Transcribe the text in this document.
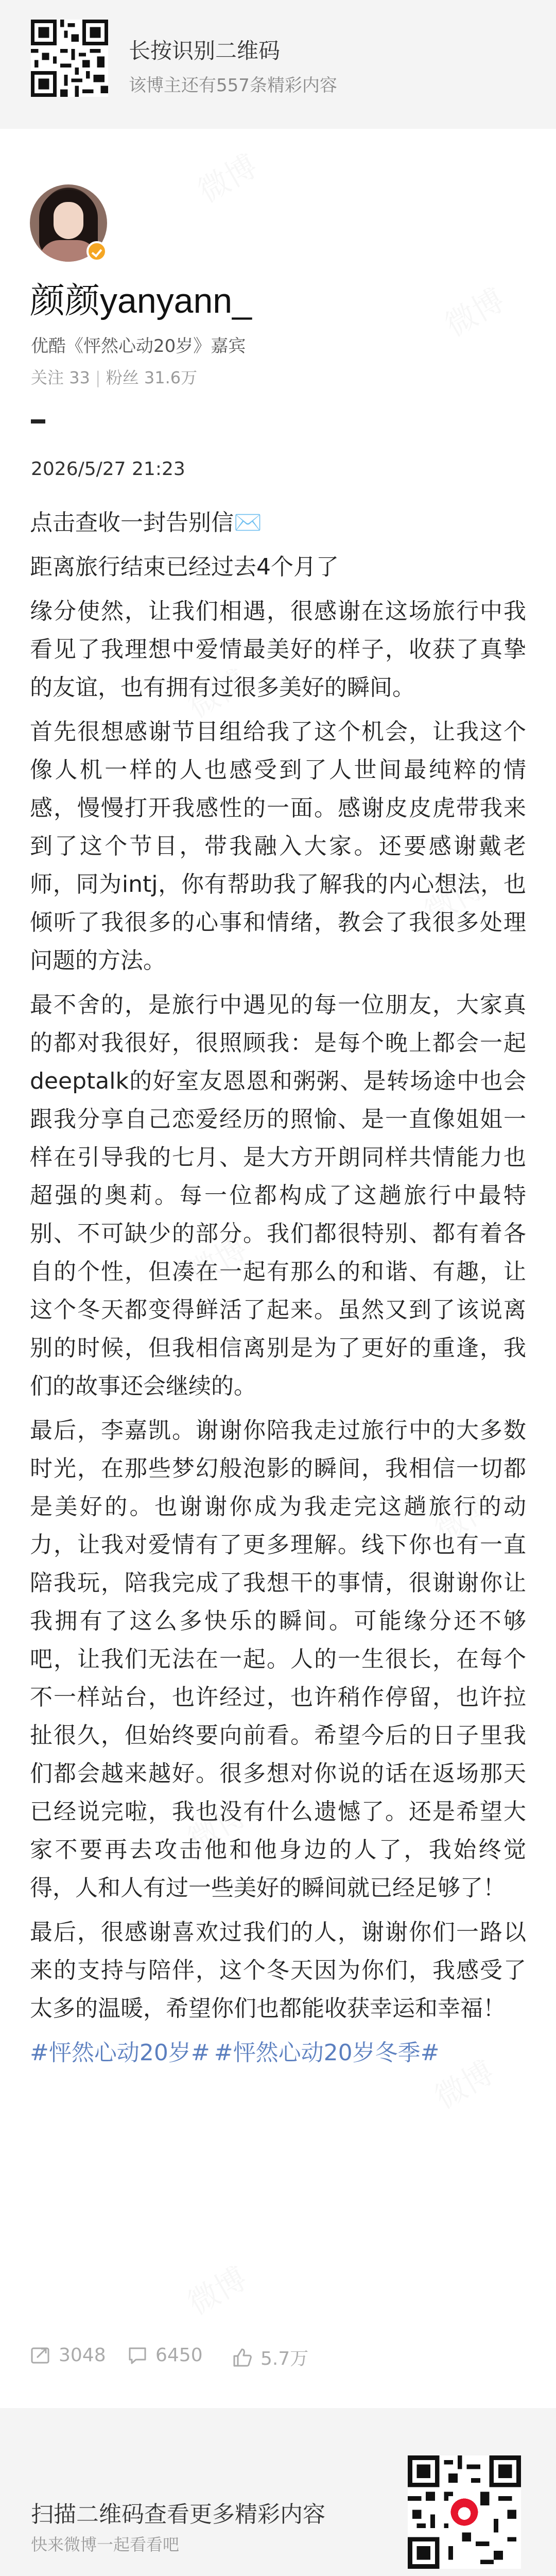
长按识别二维码
该博主还有557条精彩内容
颜颜yanyann_
优酷《怦然心动20岁》嘉宾
关注 33 | 粉丝 31.6万
2026/5/27 21:23

点击查收一封告别信✉️

距离旅行结束已经过去4个月了

缘分使然，让我们相遇，很感谢在这场旅行中我看见了我理想中爱情最美好的样子，收获了真挚的友谊，也有拥有过很多美好的瞬间。

首先很想感谢节目组给我了这个机会，让我这个像人机一样的人也感受到了人世间最纯粹的情感，慢慢打开我感性的一面。感谢皮皮虎带我来到了这个节目，带我融入大家。还要感谢戴老师，同为intj，你有帮助我了解我的内心想法，也倾听了我很多的心事和情绪，教会了我很多处理问题的方法。

最不舍的，是旅行中遇见的每一位朋友，大家真的都对我很好，很照顾我：是每个晚上都会一起deeptalk的好室友恩恩和粥粥、是转场途中也会跟我分享自己恋爱经历的照愉、是一直像姐姐一样在引导我的七月、是大方开朗同样共情能力也超强的奥莉。每一位都构成了这趟旅行中最特别、不可缺少的部分。我们都很特别、都有着各自的个性，但凑在一起有那么的和谐、有趣，让这个冬天都变得鲜活了起来。虽然又到了该说离别的时候，但我相信离别是为了更好的重逢，我们的故事还会继续的。

最后，李嘉凯。谢谢你陪我走过旅行中的大多数时光，在那些梦幻般泡影的瞬间，我相信一切都是美好的。也谢谢你成为我走完这趟旅行的动力，让我对爱情有了更多理解。线下你也有一直陪我玩，陪我完成了我想干的事情，很谢谢你让我拥有了这么多快乐的瞬间。可能缘分还不够吧，让我们无法在一起。人的一生很长，在每个不一样站台，也许经过，也许稍作停留，也许拉扯很久，但始终要向前看。希望今后的日子里我们都会越来越好。很多想对你说的话在返场那天已经说完啦，我也没有什么遗憾了。还是希望大家不要再去攻击他和他身边的人了，我始终觉得，人和人有过一些美好的瞬间就已经足够了！

最后，很感谢喜欢过我们的人，谢谢你们一路以来的支持与陪伴，这个冬天因为你们，我感受了太多的温暖，希望你们也都能收获幸运和幸福！

#怦然心动20岁# #怦然心动20岁冬季#
3048	6450	5.7万
扫描二维码查看更多精彩内容
快来微博一起看看吧
